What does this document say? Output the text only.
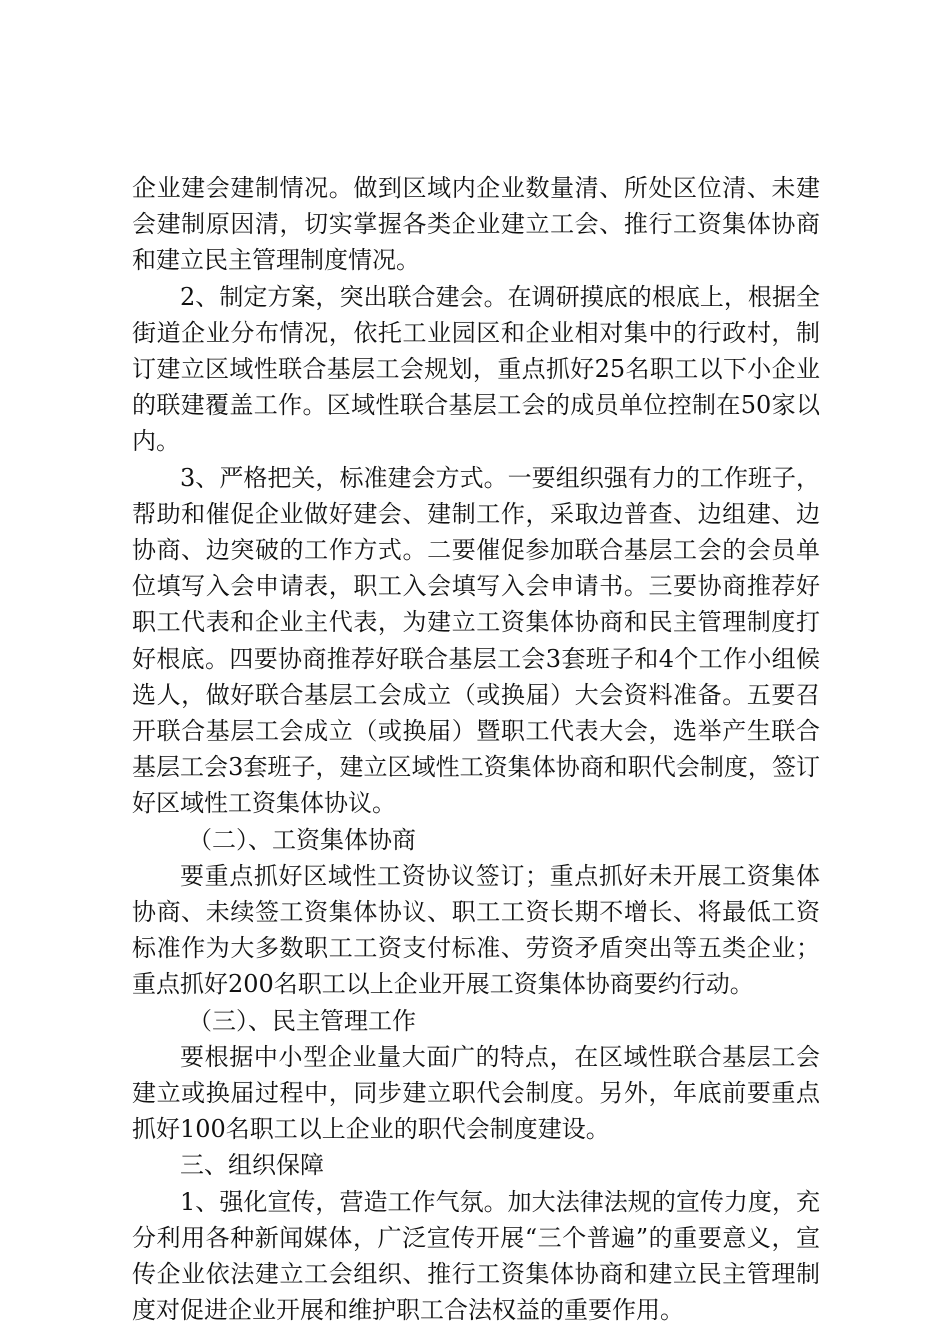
企业建会建制情况。做到区域内企业数量清、所处区位清、未建会建制原因清，切实掌握各类企业建立工会、推行工资集体协商和建立民主管理制度情况。

2、制定方案，突出联合建会。在调研摸底的根底上，根据全街道企业分布情况，依托工业园区和企业相对集中的行政村，制订建立区域性联合基层工会规划，重点抓好25名职工以下小企业的联建覆盖工作。区域性联合基层工会的成员单位控制在50家以内。

3、严格把关，标准建会方式。一要组织强有力的工作班子，帮助和催促企业做好建会、建制工作，采取边普查、边组建、边协商、边突破的工作方式。二要催促参加联合基层工会的会员单位填写入会申请表，职工入会填写入会申请书。三要协商推荐好职工代表和企业主代表，为建立工资集体协商和民主管理制度打好根底。四要协商推荐好联合基层工会3套班子和4个工作小组候选人，做好联合基层工会成立（或换届）大会资料准备。五要召开联合基层工会成立（或换届）暨职工代表大会，选举产生联合基层工会3套班子，建立区域性工资集体协商和职代会制度，签订好区域性工资集体协议。

（二）、工资集体协商

要重点抓好区域性工资协议签订；重点抓好未开展工资集体协商、未续签工资集体协议、职工工资长期不增长、将最低工资标准作为大多数职工工资支付标准、劳资矛盾突出等五类企业；重点抓好200名职工以上企业开展工资集体协商要约行动。

（三）、民主管理工作

要根据中小型企业量大面广的特点，在区域性联合基层工会建立或换届过程中，同步建立职代会制度。另外，年底前要重点抓好100名职工以上企业的职代会制度建设。

三、组织保障

1、强化宣传，营造工作气氛。加大法律法规的宣传力度，充分利用各种新闻媒体，广泛宣传开展“三个普遍”的重要意义，宣传企业依法建立工会组织、推行工资集体协商和建立民主管理制度对促进企业开展和维护职工合法权益的重要作用。
